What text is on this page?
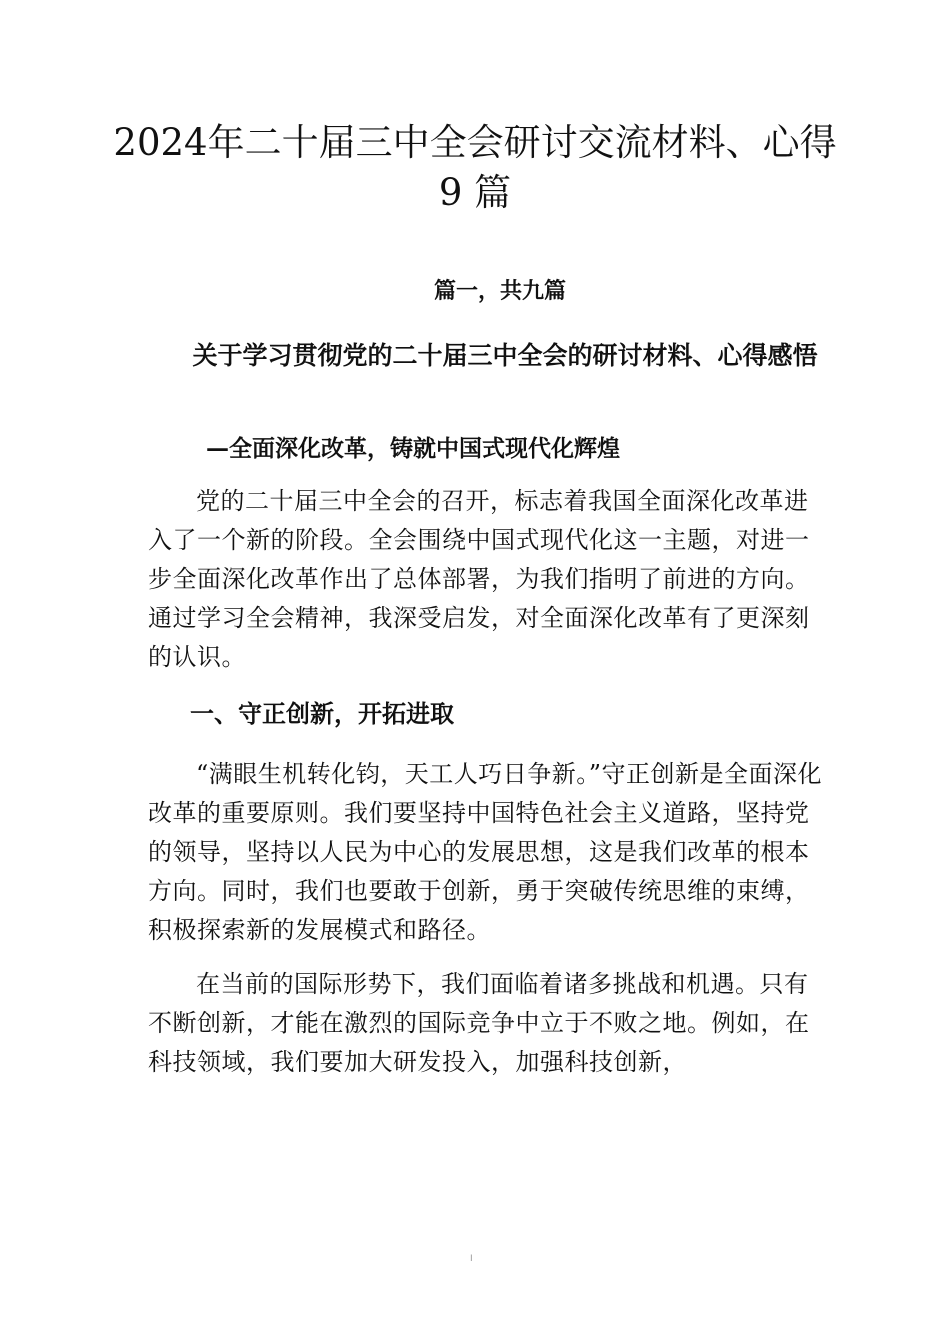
2024年二十届三中全会研讨交流材料、心得 9 篇
篇一，共九篇
关于学习贯彻党的二十届三中全会的研讨材料、心得感悟
—全面深化改革，铸就中国式现代化辉煌

党的二十届三中全会的召开，标志着我国全面深化改革进入了一个新的阶段。全会围绕中国式现代化这一主题，对进一步全面深化改革作出了总体部署，为我们指明了前进的方向。通过学习全会精神，我深受启发，对全面深化改革有了更深刻的认识。

一、守正创新，开拓进取

“满眼生机转化钧，天工人巧日争新。”守正创新是全面深化改革的重要原则。我们要坚持中国特色社会主义道路，坚持党的领导，坚持以人民为中心的发展思想，这是我们改革的根本方向。同时，我们也要敢于创新，勇于突破传统思维的束缚，积极探索新的发展模式和路径。

在当前的国际形势下，我们面临着诸多挑战和机遇。只有不断创新，才能在激烈的国际竞争中立于不败之地。例如，在科技领域，我们要加大研发投入，加强科技创新，

I
